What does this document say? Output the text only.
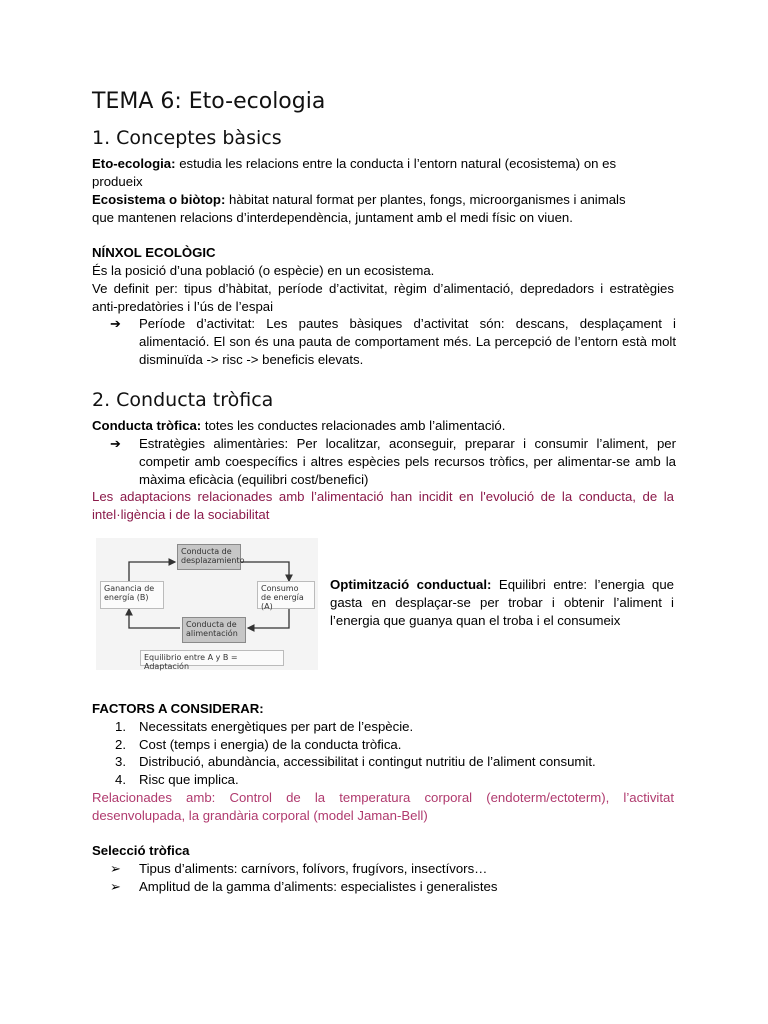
TEMA 6: Eto-ecologia
1. Conceptes bàsics
Eto-ecologia: estudia les relacions entre la conducta i l’entorn natural (ecosistema) on es
produeix
Ecosistema o biòtop: hàbitat natural format per plantes, fongs, microorganismes i animals
que mantenen relacions d’interdependència, juntament amb el medi físic on viuen.
NÍNXOL ECOLÒGIC
És la posició d’una població (o espècie) en un ecosistema.
Ve definit per: tipus d’hàbitat, període d’activitat, règim d’alimentació, depredadors i estratègies anti-predatòries i l’ús de l’espai
➔ Període d’activitat: Les pautes bàsiques d’activitat són: descans, desplaçament i alimentació. El son és una pauta de comportament més. La percepció de l’entorn està molt disminuïda -> risc -> beneficis elevats.
2. Conducta tròfica
Conducta tròfica: totes les conductes relacionades amb l’alimentació.
➔ Estratègies alimentàries: Per localitzar, aconseguir, preparar i consumir l’aliment, per competir amb coespecífics i altres espècies pels recursos tròfics, per alimentar-se amb la màxima eficàcia (equilibri cost/benefici)
Les adaptacions relacionades amb l’alimentació han incidit en l'evolució de la conducta, de la intel·ligència i de la sociabilitat
Conducta de desplazamiento
Ganancia de energía (B)
Consumo de energía (A)
Conducta de alimentación
Equilibrio entre A y B = Adaptación
Optimització conductual: Equilibri entre: l’energia que gasta en desplaçar-se per trobar i obtenir l’aliment i l’energia que guanya quan el troba i el consumeix
FACTORS A CONSIDERAR:
1. Necessitats energètiques per part de l’espècie.
2. Cost (temps i energia) de la conducta tròfica.
3. Distribució, abundància, accessibilitat i contingut nutritiu de l’aliment consumit.
4. Risc que implica.
Relacionades amb: Control de la temperatura corporal (endoterm/ectoterm), l’activitat desenvolupada, la grandària corporal (model Jaman-Bell)
Selecció tròfica
➢ Tipus d’aliments: carnívors, folívors, frugívors, insectívors…
➢ Amplitud de la gamma d’aliments: especialistes i generalistes
